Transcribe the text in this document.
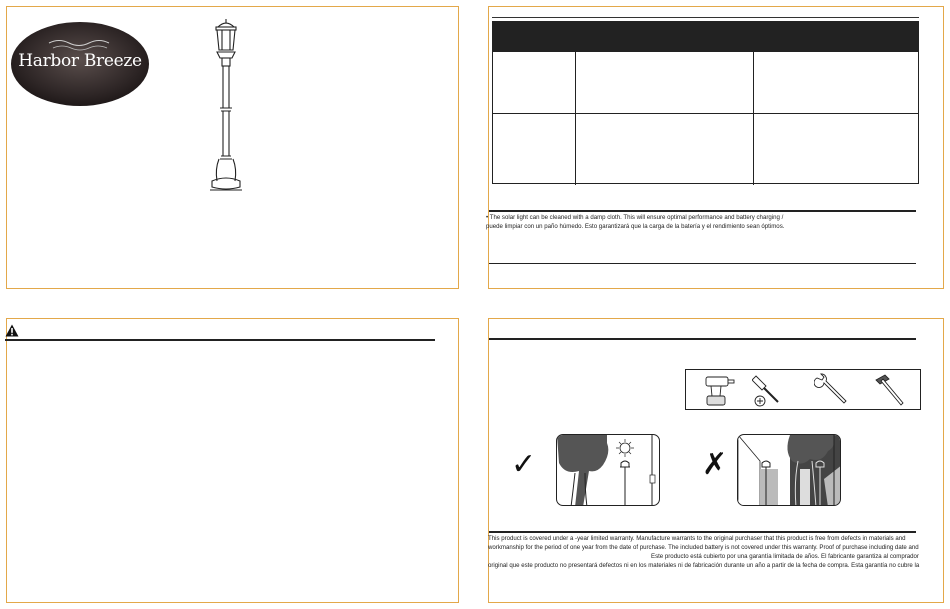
Harbor Breeze
• The solar light can be cleaned with a damp cloth. This will ensure optimal performance and battery charging /
puede limpiar con un paño húmedo. Esto garantizará que la carga de la batería y el rendimiento sean óptimos.
✓	✗
This product is covered under a -year limited warranty. Manufacture warrants to the original purchaser that this product is free from defects in materials and
workmanship for the period of one year from the date of purchase. The included battery is not covered under this warranty. Proof of purchase including date and
Este producto está cubierto por una garantía limitada de años. El fabricante garantiza al comprador
original que este producto no presentará defectos ni en los materiales ni de fabricación durante un año a partir de la fecha de compra. Esta garantía no cubre la
